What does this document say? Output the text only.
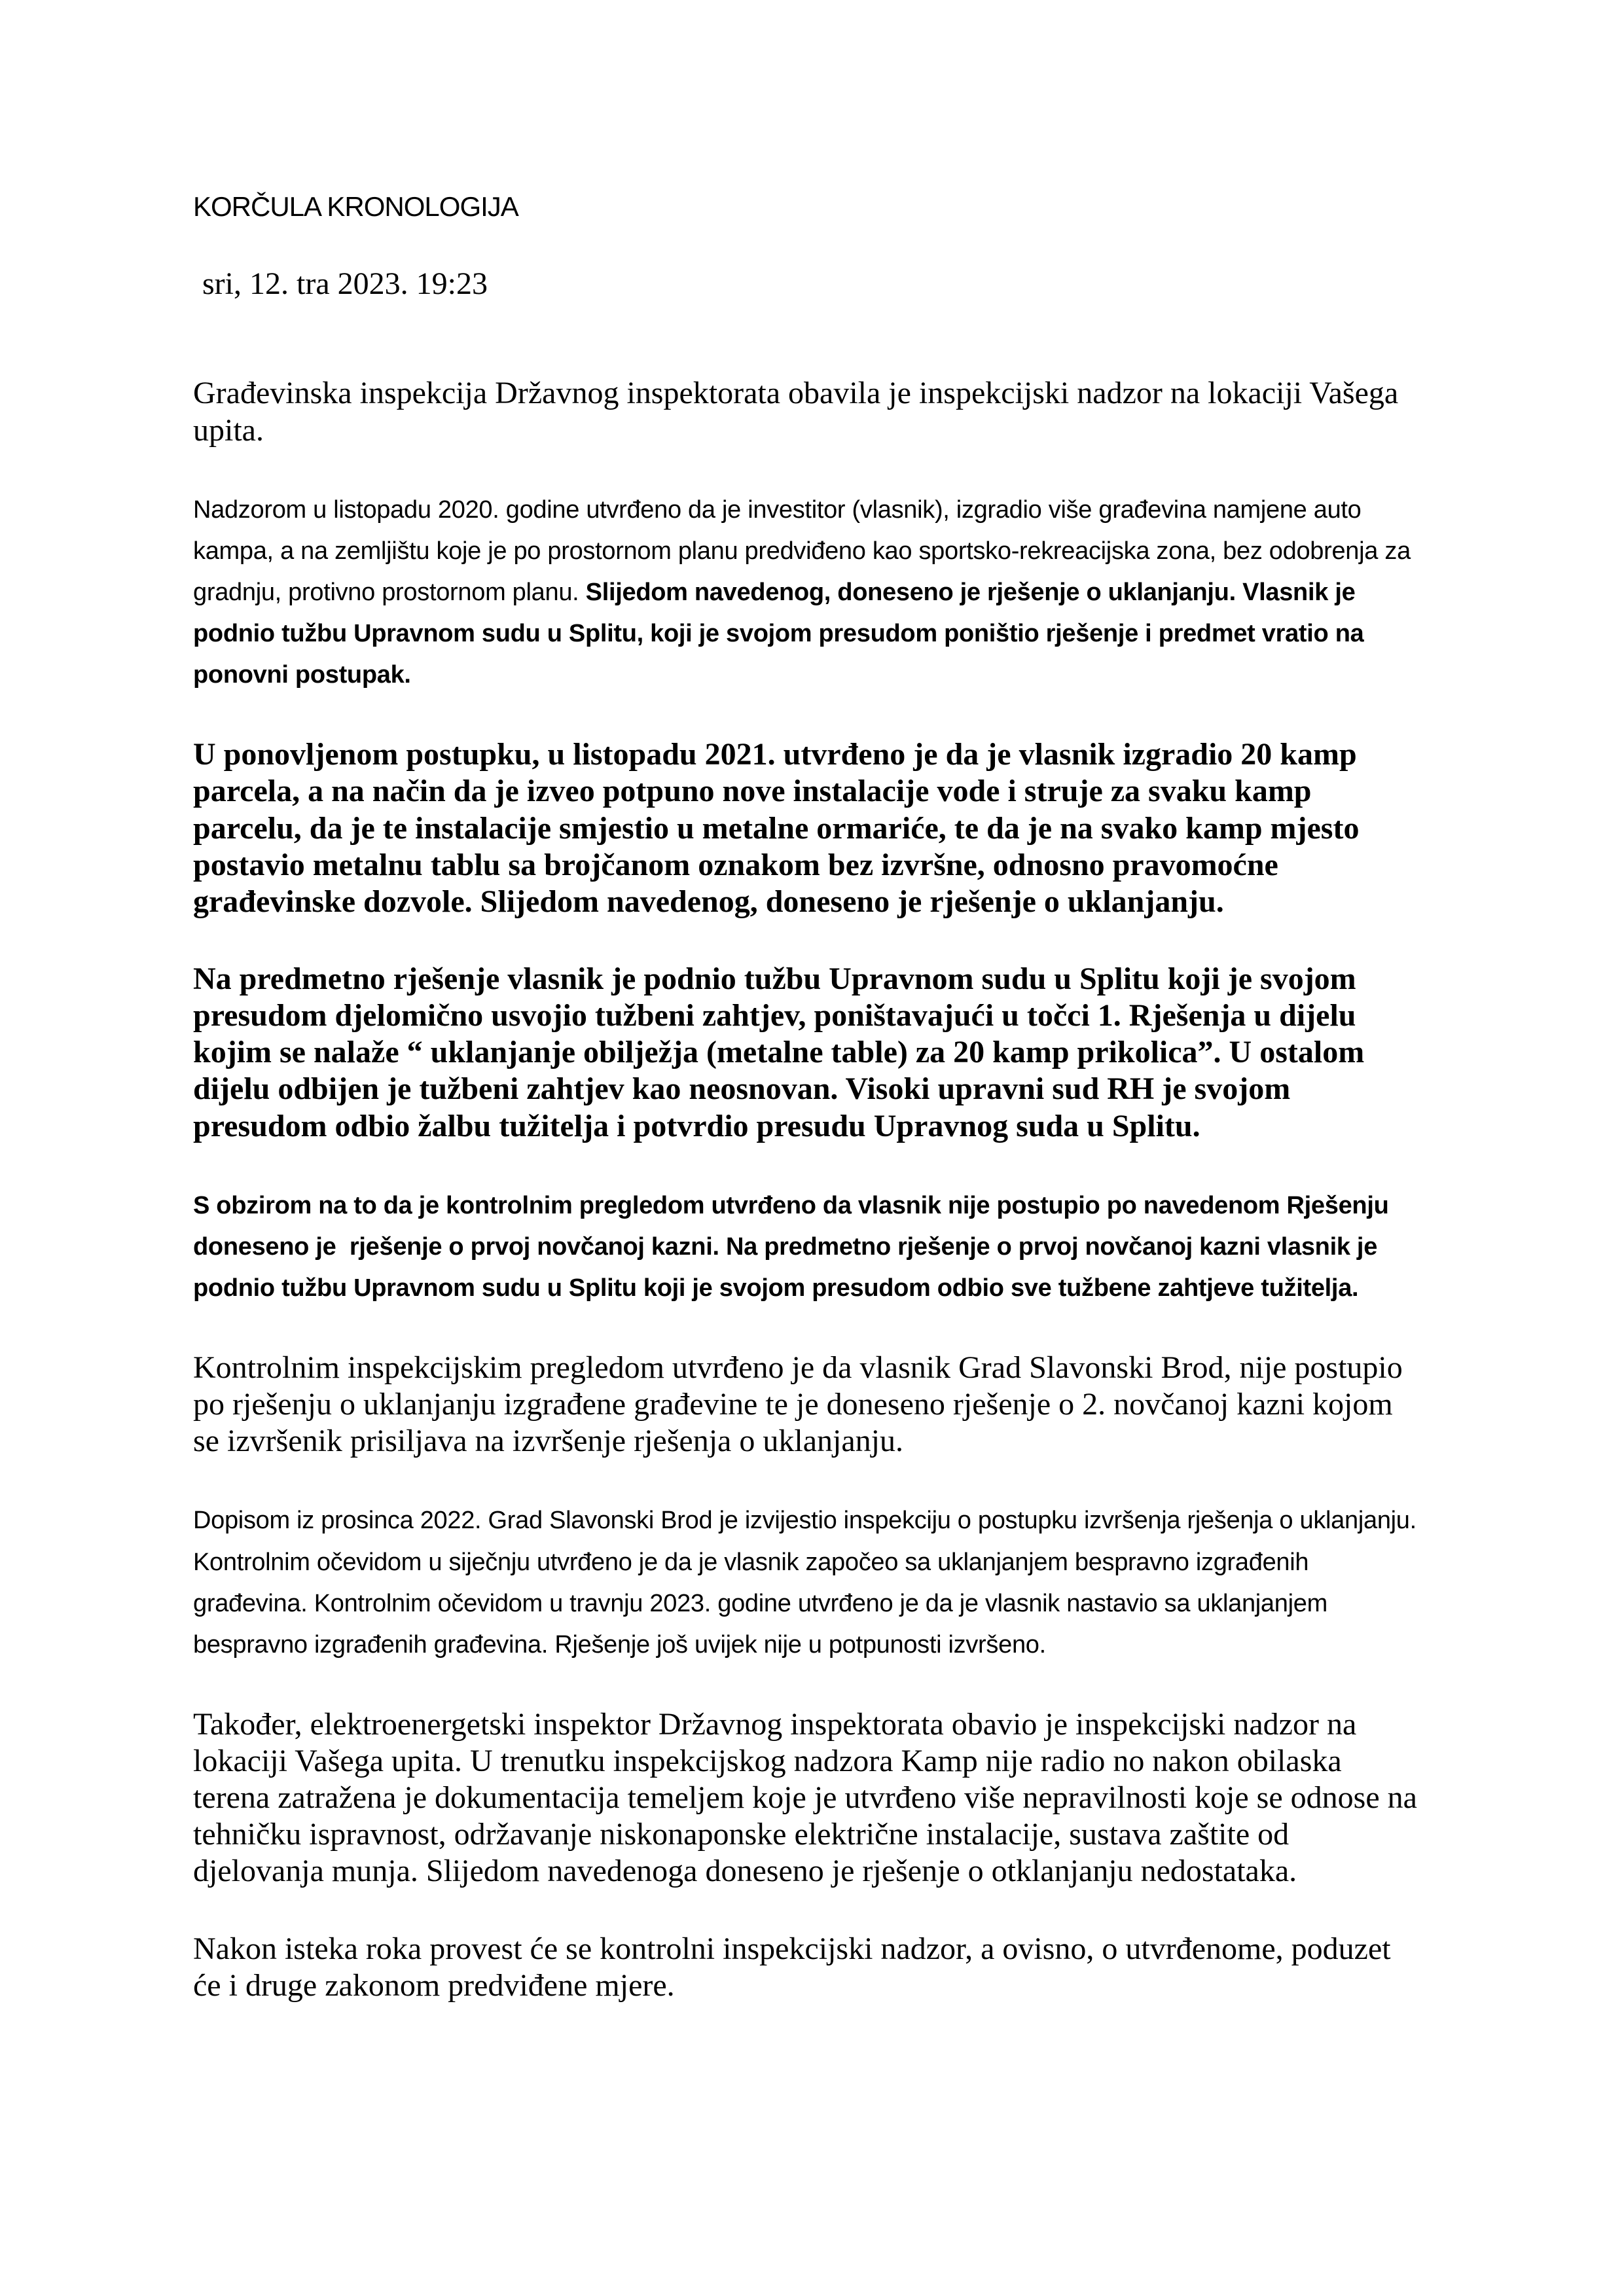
KORČULA KRONOLOGIJA

sri, 12. tra 2023. 19:23

Građevinska inspekcija Državnog inspektorata obavila je inspekcijski nadzor na lokaciji Vašega upita.

Nadzorom u listopadu 2020. godine utvrđeno da je investitor (vlasnik), izgradio više građevina namjene auto kampa, a na zemljištu koje je po prostornom planu predviđeno kao sportsko-rekreacijska zona, bez odobrenja za gradnju, protivno prostornom planu. Slijedom navedenog, doneseno je rješenje o uklanjanju. Vlasnik je podnio tužbu Upravnom sudu u Splitu, koji je svojom presudom poništio rješenje i predmet vratio na ponovni postupak.

U ponovljenom postupku, u listopadu 2021. utvrđeno je da je vlasnik izgradio 20 kamp parcela, a na način da je izveo potpuno nove instalacije vode i struje za svaku kamp parcelu, da je te instalacije smjestio u metalne ormariće, te da je na svako kamp mjesto postavio metalnu tablu sa brojčanom oznakom bez izvršne, odnosno pravomoćne građevinske dozvole. Slijedom navedenog, doneseno je rješenje o uklanjanju.

Na predmetno rješenje vlasnik je podnio tužbu Upravnom sudu u Splitu koji je svojom presudom djelomično usvojio tužbeni zahtjev, poništavajući u točci 1. Rješenja u dijelu kojim se nalaže “ uklanjanje obilježja (metalne table) za 20 kamp prikolica”. U ostalom dijelu odbijen je tužbeni zahtjev kao neosnovan. Visoki upravni sud RH je svojom presudom odbio žalbu tužitelja i potvrdio presudu Upravnog suda u Splitu.

S obzirom na to da je kontrolnim pregledom utvrđeno da vlasnik nije postupio po navedenom Rješenju doneseno je  rješenje o prvoj novčanoj kazni. Na predmetno rješenje o prvoj novčanoj kazni vlasnik je podnio tužbu Upravnom sudu u Splitu koji je svojom presudom odbio sve tužbene zahtjeve tužitelja.

Kontrolnim inspekcijskim pregledom utvrđeno je da vlasnik Grad Slavonski Brod, nije postupio po rješenju o uklanjanju izgrađene građevine te je doneseno rješenje o 2. novčanoj kazni kojom se izvršenik prisiljava na izvršenje rješenja o uklanjanju.

Dopisom iz prosinca 2022. Grad Slavonski Brod je izvijestio inspekciju o postupku izvršenja rješenja o uklanjanju. Kontrolnim očevidom u siječnju utvrđeno je da je vlasnik započeo sa uklanjanjem bespravno izgrađenih građevina. Kontrolnim očevidom u travnju 2023. godine utvrđeno je da je vlasnik nastavio sa uklanjanjem bespravno izgrađenih građevina. Rješenje još uvijek nije u potpunosti izvršeno.

Također, elektroenergetski inspektor Državnog inspektorata obavio je inspekcijski nadzor na lokaciji Vašega upita. U trenutku inspekcijskog nadzora Kamp nije radio no nakon obilaska terena zatražena je dokumentacija temeljem koje je utvrđeno više nepravilnosti koje se odnose na tehničku ispravnost, održavanje niskonaponske električne instalacije, sustava zaštite od djelovanja munja. Slijedom navedenoga doneseno je rješenje o otklanjanju nedostataka.

Nakon isteka roka provest će se kontrolni inspekcijski nadzor, a ovisno, o utvrđenome, poduzet će i druge zakonom predviđene mjere.
